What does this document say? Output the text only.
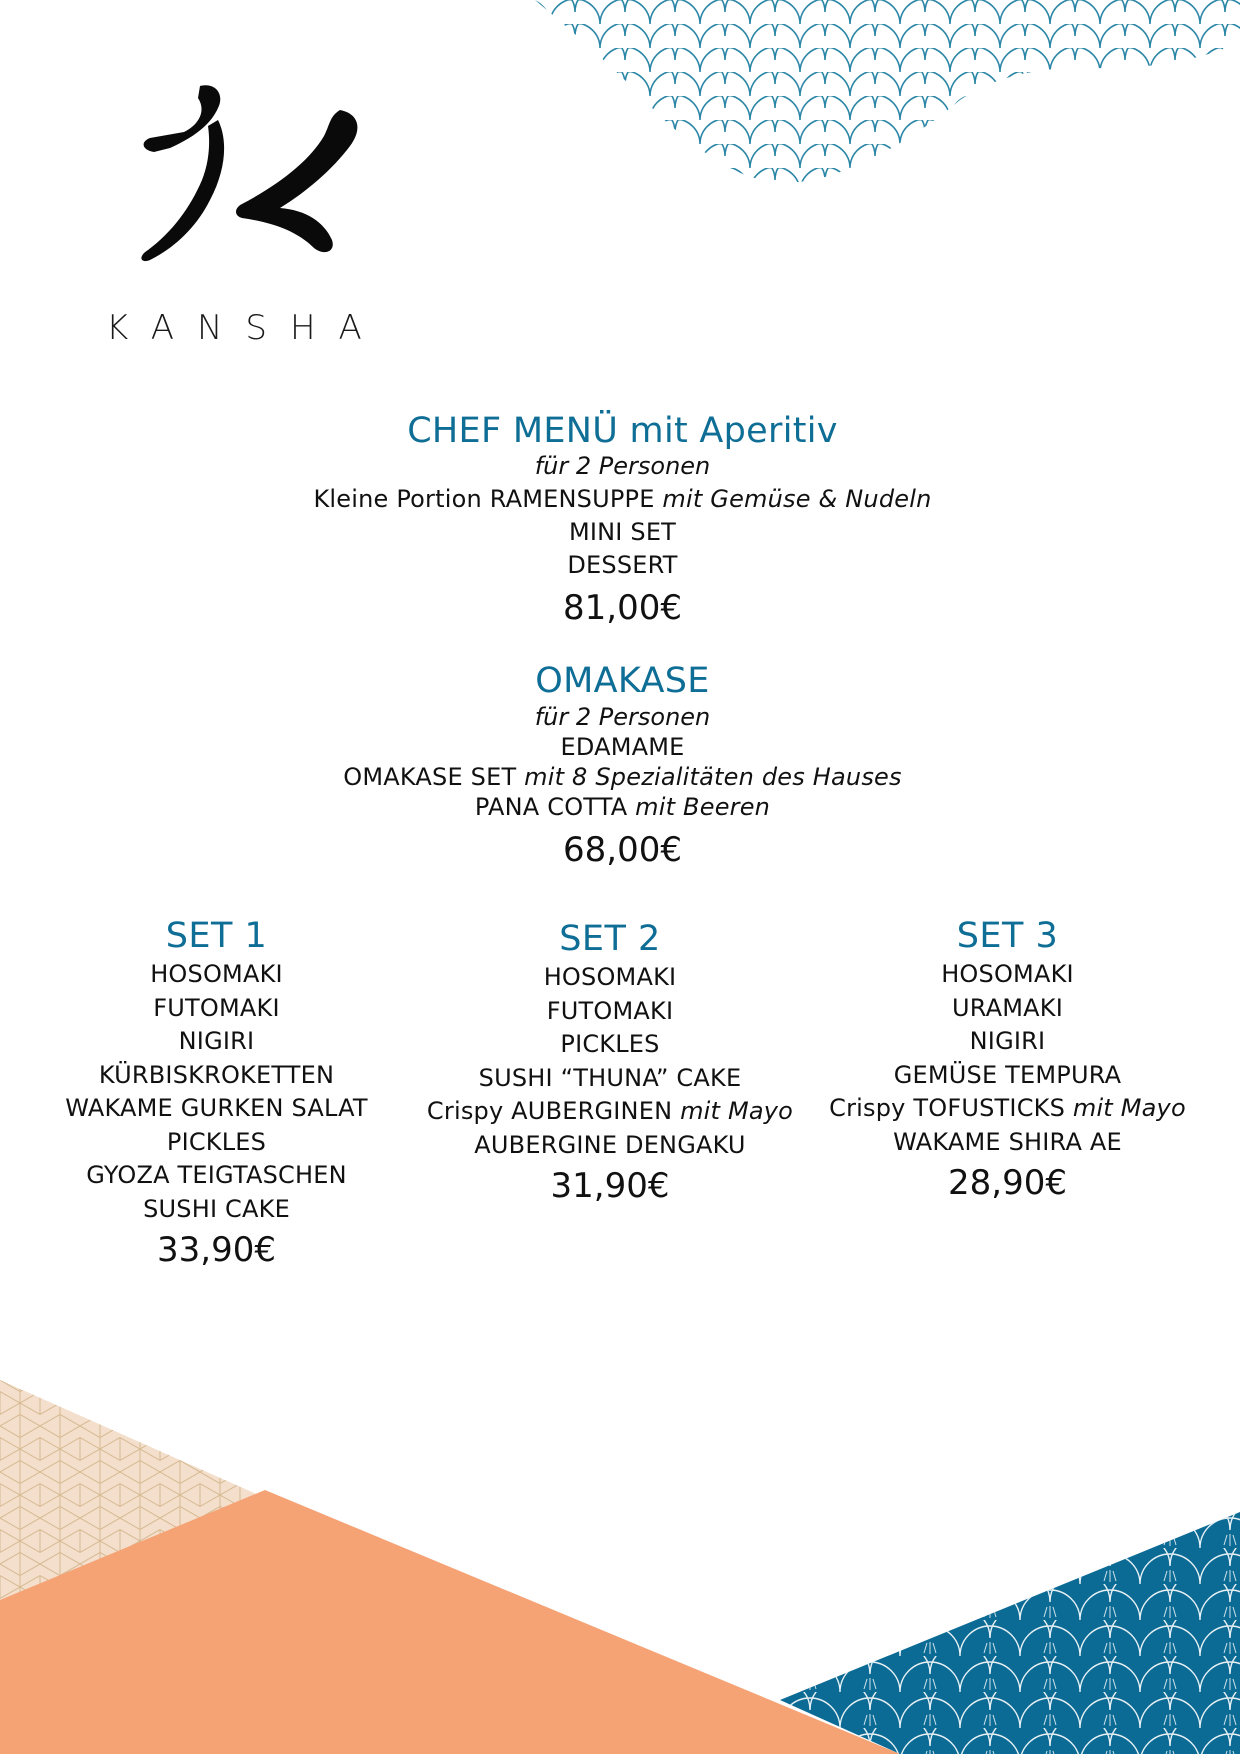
KANSHA
CHEF MENÜ mit Aperitiv
für 2 Personen
Kleine Portion RAMENSUPPE mit Gemüse & Nudeln
MINI SET
DESSERT
81,00€
OMAKASE
für 2 Personen
EDAMAME
OMAKASE SET mit 8 Spezialitäten des Hauses
PANA COTTA mit Beeren
68,00€
SET 1
HOSOMAKI
FUTOMAKI
NIGIRI
KÜRBISKROKETTEN
WAKAME GURKEN SALAT
PICKLES
GYOZA TEIGTASCHEN
SUSHI CAKE
33,90€
SET 2
HOSOMAKI
FUTOMAKI
PICKLES
SUSHI “THUNA” CAKE
Crispy AUBERGINEN mit Mayo
AUBERGINE DENGAKU
31,90€
SET 3
HOSOMAKI
URAMAKI
NIGIRI
GEMÜSE TEMPURA
Crispy TOFUSTICKS mit Mayo
WAKAME SHIRA AE
28,90€
